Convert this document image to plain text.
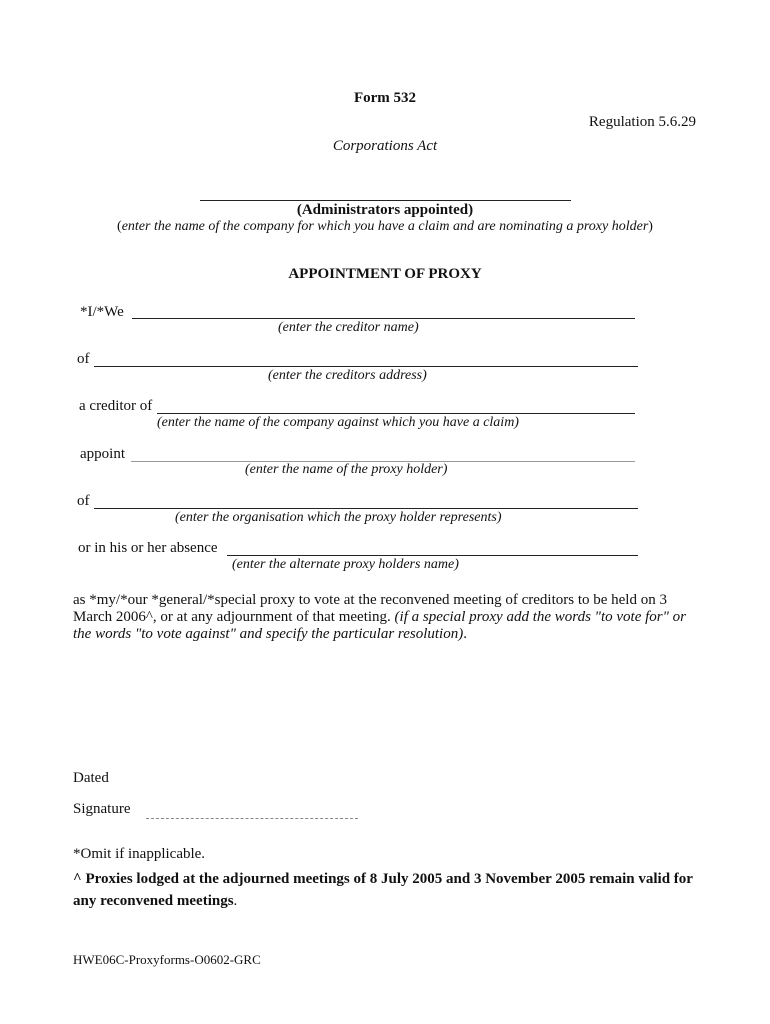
Form 532
Regulation 5.6.29
Corporations Act
(Administrators appointed)
(enter the name of the company for which you have a claim and are nominating a proxy holder)
APPOINTMENT OF PROXY
*I/*We
(enter the creditor name)
of
(enter the creditors address)
a creditor of
(enter the name of the company against which you have a claim)
appoint
(enter the name of the proxy holder)
of
(enter the organisation which the proxy holder represents)
or in his or her absence
(enter the alternate proxy holders name)
as *my/*our *general/*special proxy to vote at the reconvened meeting of creditors to be held on 3 March 2006^, or at any adjournment of that meeting. (if a special proxy add the words "to vote for" or the words "to vote against" and specify the particular resolution).
Dated
Signature
*Omit if inapplicable.
^ Proxies lodged at the adjourned meetings of 8 July 2005 and 3 November 2005 remain valid for any reconvened meetings.
HWE06C-Proxyforms-O0602-GRC
